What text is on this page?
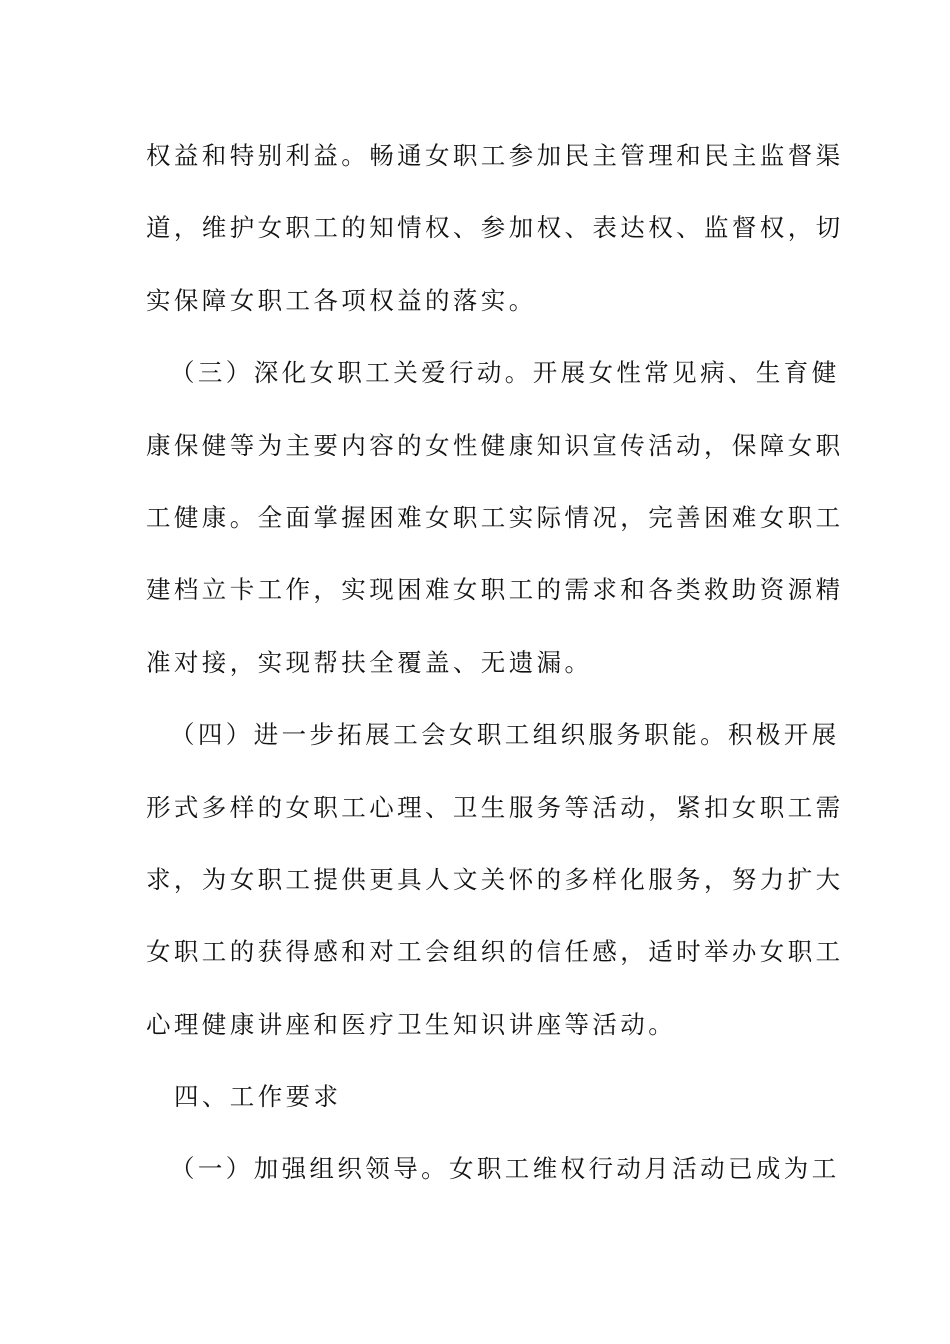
权益和特别利益。畅通女职工参加民主管理和民主监督渠
道，维护女职工的知情权、参加权、表达权、监督权，切
实保障女职工各项权益的落实。
（三）深化女职工关爱行动。开展女性常见病、生育健
康保健等为主要内容的女性健康知识宣传活动，保障女职
工健康。全面掌握困难女职工实际情况，完善困难女职工
建档立卡工作，实现困难女职工的需求和各类救助资源精
准对接，实现帮扶全覆盖、无遗漏。
（四）进一步拓展工会女职工组织服务职能。积极开展
形式多样的女职工心理、卫生服务等活动，紧扣女职工需
求，为女职工提供更具人文关怀的多样化服务，努力扩大
女职工的获得感和对工会组织的信任感，适时举办女职工
心理健康讲座和医疗卫生知识讲座等活动。
四、工作要求
（一）加强组织领导。女职工维权行动月活动已成为工
